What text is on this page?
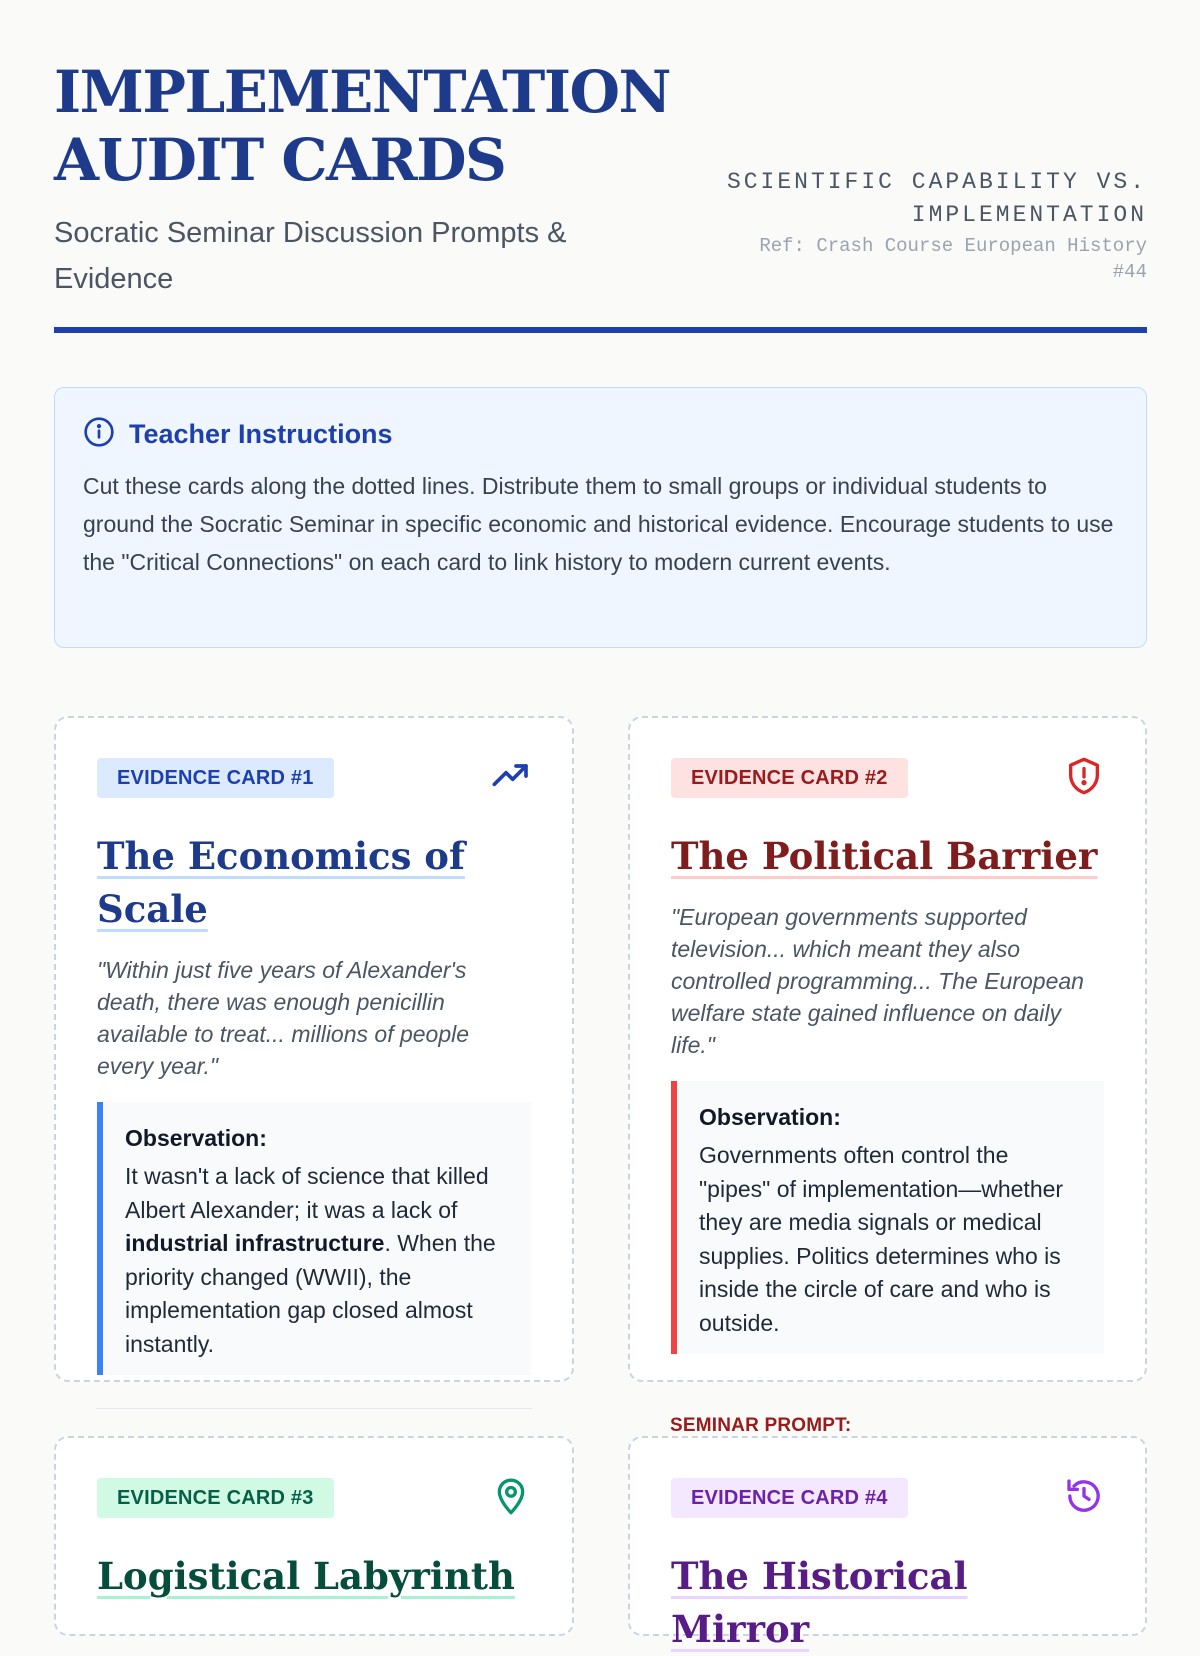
IMPLEMENTATION AUDIT CARDS
Socratic Seminar Discussion Prompts & Evidence
SCIENTIFIC CAPABILITY VS. IMPLEMENTATION
Ref: Crash Course European History #44
Teacher Instructions

Cut these cards along the dotted lines. Distribute them to small groups or individual students to ground the Socratic Seminar in specific economic and historical evidence. Encourage students to use the "Critical Connections" on each card to link history to modern current events.

EVIDENCE CARD #1
The Economics of Scale

"Within just five years of Alexander's death, there was enough penicillin available to treat... millions of people every year."

Observation:

It wasn't a lack of science that killed Albert Alexander; it was a lack of industrial infrastructure. When the priority changed (WWII), the implementation gap closed almost instantly.

EVIDENCE CARD #2
The Political Barrier

"European governments supported television... which meant they also controlled programming... The European welfare state gained influence on daily life."

Observation:

Governments often control the "pipes" of implementation—whether they are media signals or medical supplies. Politics determines who is inside the circle of care and who is outside.

SEMINAR PROMPT:
EVIDENCE CARD #3
Logistical Labyrinth
EVIDENCE CARD #4
The Historical Mirror
